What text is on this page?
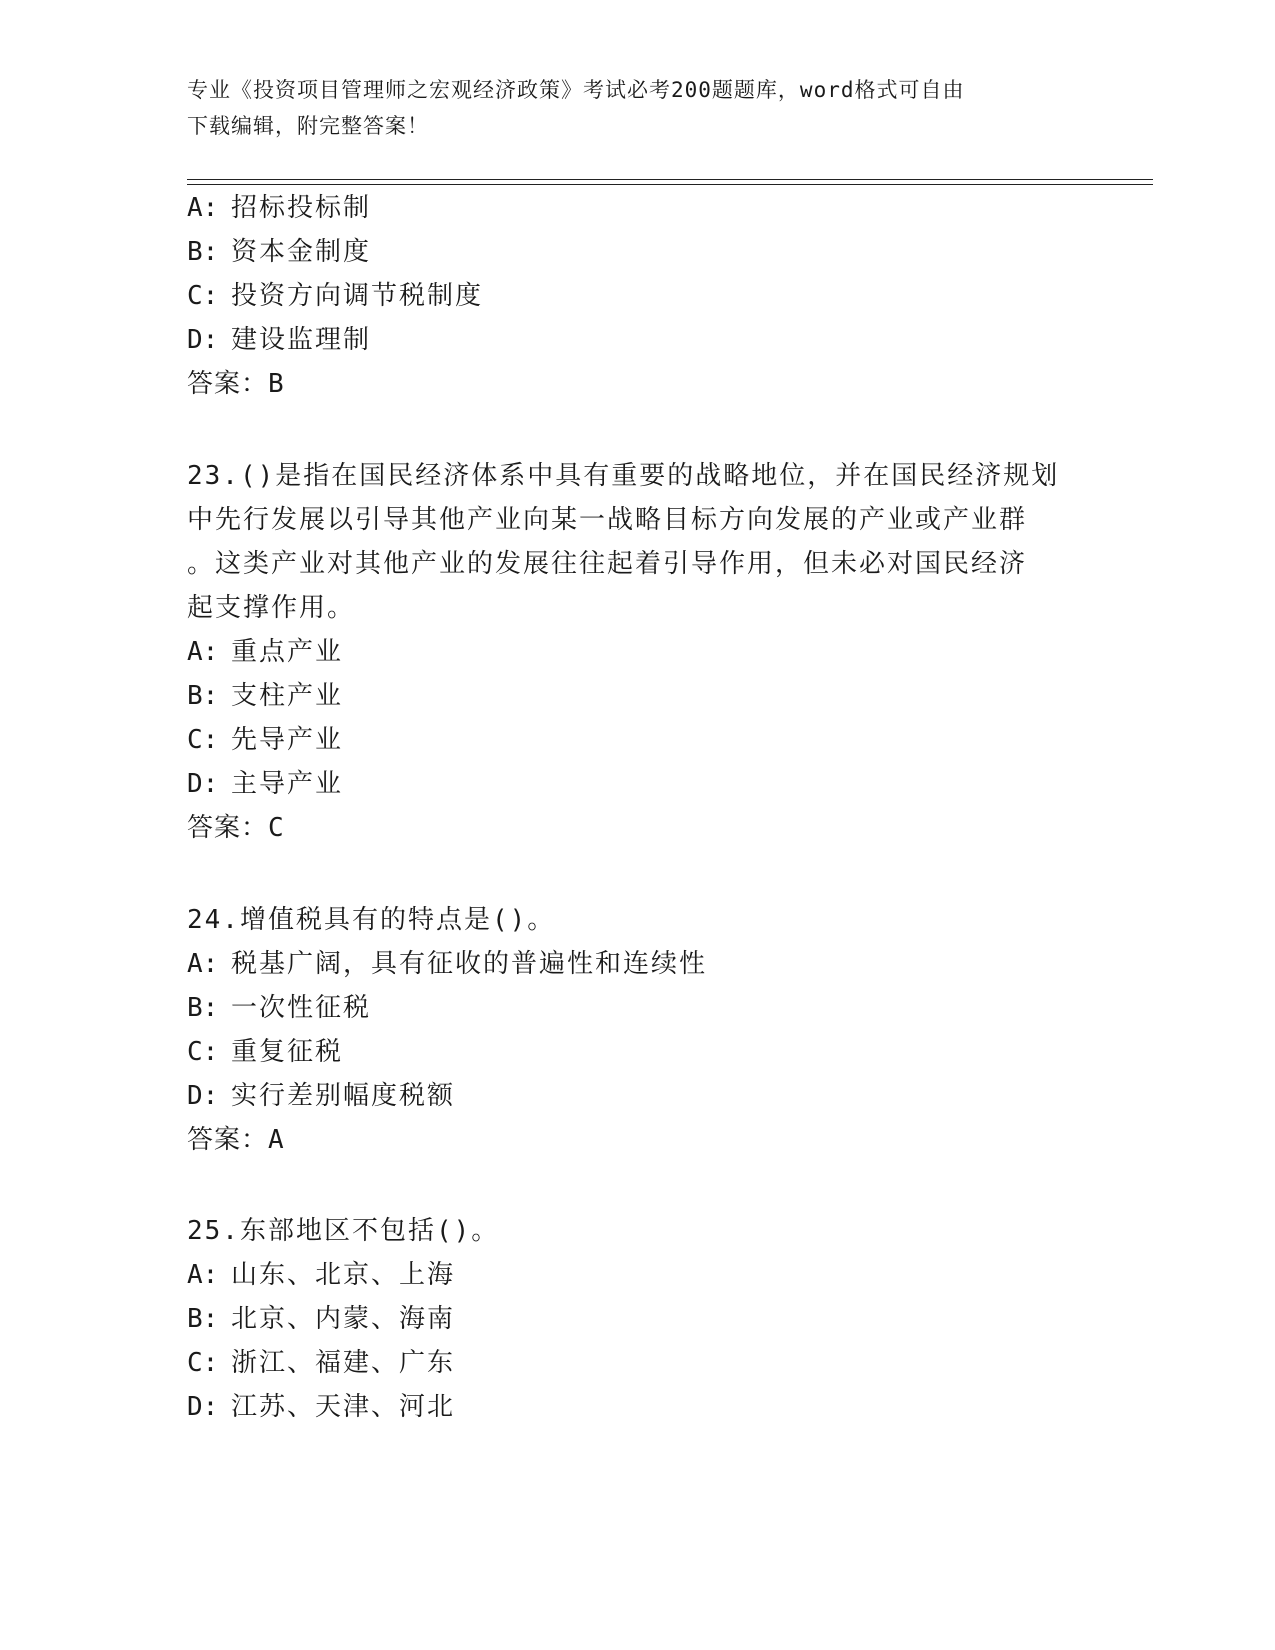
专业《投资项目管理师之宏观经济政策》考试必考200题题库，word格式可自由
下载编辑，附完整答案！
A: 招标投标制
B: 资本金制度
C: 投资方向调节税制度
D: 建设监理制
答案：B
23.()是指在国民经济体系中具有重要的战略地位，并在国民经济规划
中先行发展以引导其他产业向某一战略目标方向发展的产业或产业群
。这类产业对其他产业的发展往往起着引导作用，但未必对国民经济
起支撑作用。
A: 重点产业
B: 支柱产业
C: 先导产业
D: 主导产业
答案：C
24.增值税具有的特点是()。
A: 税基广阔，具有征收的普遍性和连续性
B: 一次性征税
C: 重复征税
D: 实行差别幅度税额
答案：A
25.东部地区不包括()。
A: 山东、北京、上海
B: 北京、内蒙、海南
C: 浙江、福建、广东
D: 江苏、天津、河北
